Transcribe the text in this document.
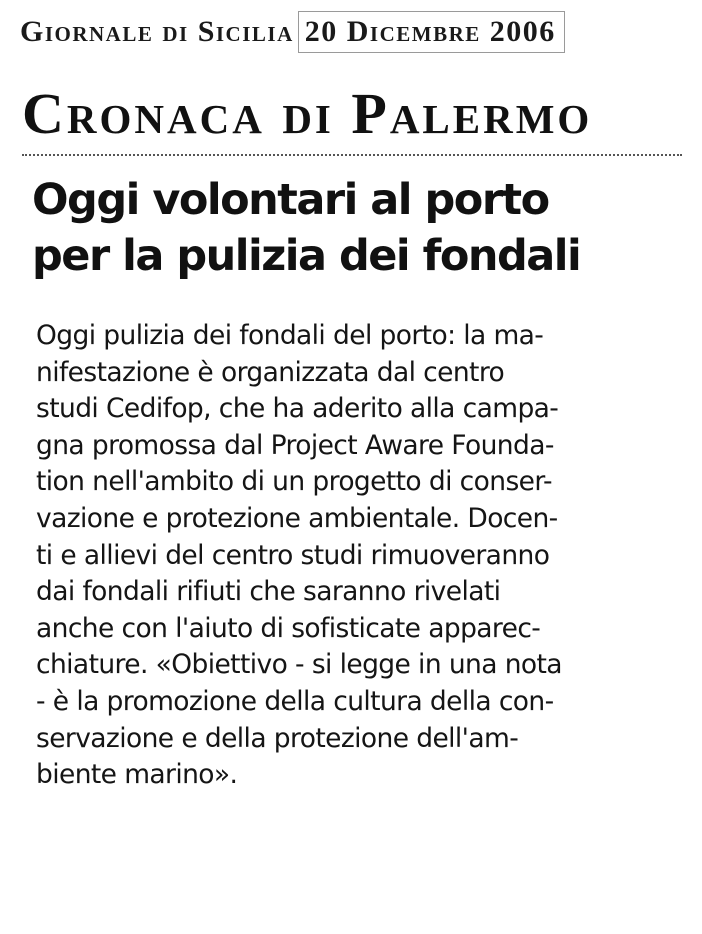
Giornale di Sicilia 20 Dicembre 2006
Cronaca di Palermo
Oggi volontari al porto
per la pulizia dei fondali
Oggi pulizia dei fondali del porto: la ma-
nifestazione è organizzata dal centro
studi Cedifop, che ha aderito alla campa-
gna promossa dal Project Aware Founda-
tion nell'ambito di un progetto di conser-
vazione e protezione ambientale. Docen-
ti e allievi del centro studi rimuoveranno
dai fondali rifiuti che saranno rivelati
anche con l'aiuto di sofisticate apparec-
chiature. «Obiettivo - si legge in una nota
- è la promozione della cultura della con-
servazione e della protezione dell'am-
biente marino».
